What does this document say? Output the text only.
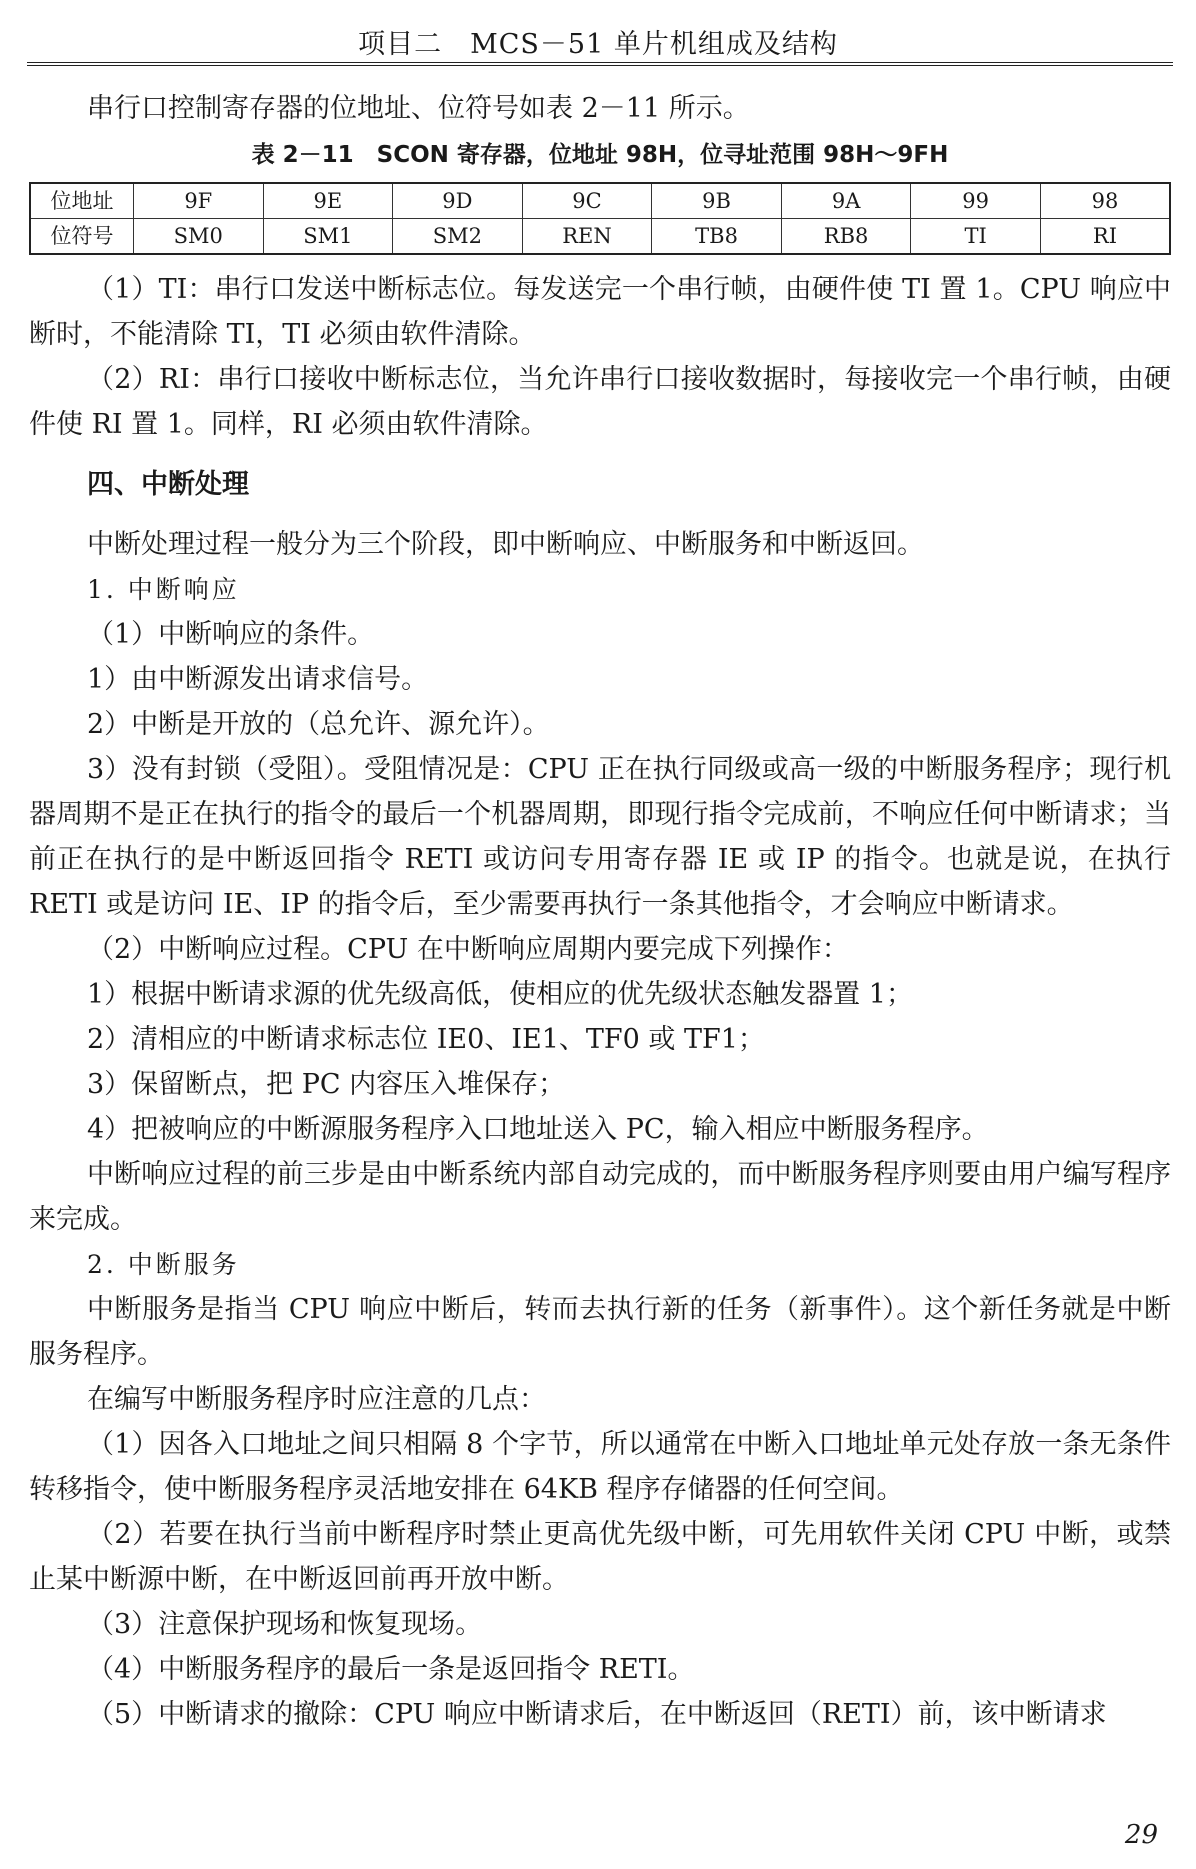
项目二　MCS－51 单片机组成及结构

串行口控制寄存器的位地址、位符号如表 2－11 所示。

表 2－11　SCON 寄存器，位地址 98H，位寻址范围 98H～9FH

位地址	9F	9E	9D	9C	9B	9A	99	98
位符号	SM0	SM1	SM2	REN	TB8	RB8	TI	RI

（1）TI：串行口发送中断标志位。每发送完一个串行帧，由硬件使 TI 置 1。CPU 响应中断时，不能清除 TI，TI 必须由软件清除。

（2）RI：串行口接收中断标志位，当允许串行口接收数据时，每接收完一个串行帧，由硬件使 RI 置 1。同样，RI 必须由软件清除。

四、中断处理

中断处理过程一般分为三个阶段，即中断响应、中断服务和中断返回。

1. 中断响应

（1）中断响应的条件。

1）由中断源发出请求信号。

2）中断是开放的（总允许、源允许）。

3）没有封锁（受阻）。受阻情况是：CPU 正在执行同级或高一级的中断服务程序；现行机器周期不是正在执行的指令的最后一个机器周期，即现行指令完成前，不响应任何中断请求；当前正在执行的是中断返回指令 RETI 或访问专用寄存器 IE 或 IP 的指令。也就是说，在执行 RETI 或是访问 IE、IP 的指令后，至少需要再执行一条其他指令，才会响应中断请求。

（2）中断响应过程。CPU 在中断响应周期内要完成下列操作：

1）根据中断请求源的优先级高低，使相应的优先级状态触发器置 1；

2）清相应的中断请求标志位 IE0、IE1、TF0 或 TF1；

3）保留断点，把 PC 内容压入堆保存；

4）把被响应的中断源服务程序入口地址送入 PC，输入相应中断服务程序。

中断响应过程的前三步是由中断系统内部自动完成的，而中断服务程序则要由用户编写程序来完成。

2. 中断服务

中断服务是指当 CPU 响应中断后，转而去执行新的任务（新事件）。这个新任务就是中断服务程序。

在编写中断服务程序时应注意的几点：

（1）因各入口地址之间只相隔 8 个字节，所以通常在中断入口地址单元处存放一条无条件转移指令，使中断服务程序灵活地安排在 64KB 程序存储器的任何空间。

（2）若要在执行当前中断程序时禁止更高优先级中断，可先用软件关闭 CPU 中断，或禁止某中断源中断，在中断返回前再开放中断。

（3）注意保护现场和恢复现场。

（4）中断服务程序的最后一条是返回指令 RETI。

（5）中断请求的撤除：CPU 响应中断请求后，在中断返回（RETI）前，该中断请求

29
